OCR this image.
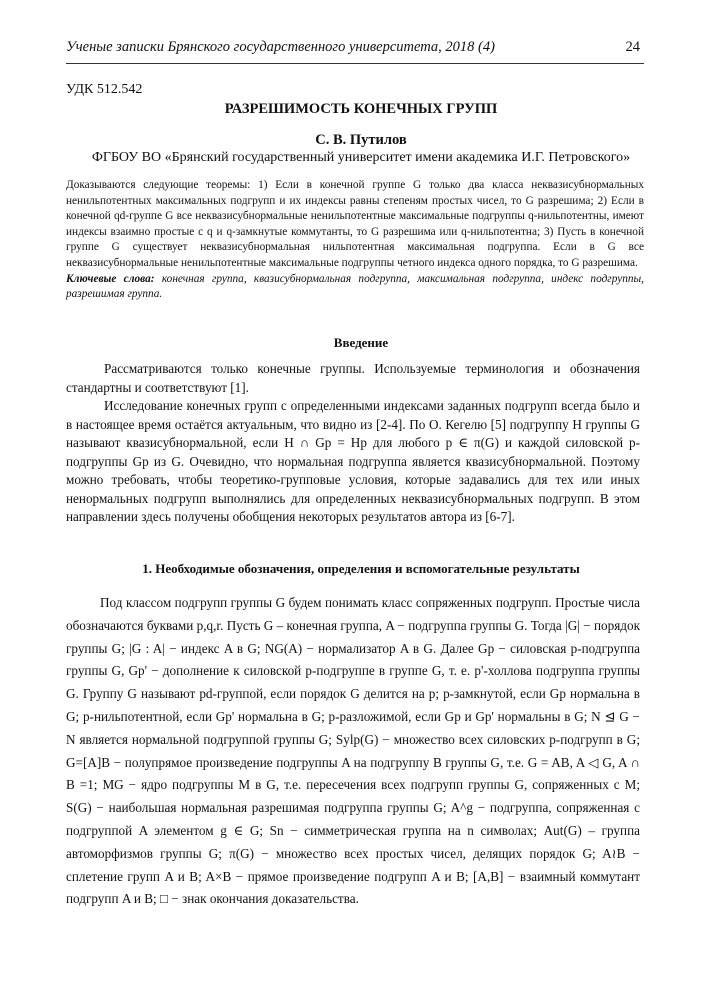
Ученые записки Брянского государственного университета, 2018 (4)	24
УДК 512.542
РАЗРЕШИМОСТЬ КОНЕЧНЫХ ГРУПП
С. В. Путилов
ФГБОУ ВО «Брянский государственный университет имени академика И.Г. Петровского»

Доказываются следующие теоремы: 1) Если в конечной группе G только два класса неквазисубнормальных ненильпотентных максимальных подгрупп и их индексы равны степеням простых чисел, то G разрешима; 2) Если в конечной qd-группе G все неквазисубнормальные ненильпотентные максимальные подгруппы q-нильпотентны, имеют индексы взаимно простые с q и q-замкнутые коммутанты, то G разрешима или q-нильпотентна; 3) Пусть в конечной группе G существует неквазисубнормальная нильпотентная максимальная подгруппа. Если в G все неквазисубнормальные ненильпотентные максимальные подгруппы четного индекса одного порядка, то G разрешима.

Ключевые слова: конечная группа, квазисубнормальная подгруппа, максимальная подгруппа, индекс подгруппы, разрешимая группа.

Введение

Рассматриваются только конечные группы. Используемые терминология и обозначения стандартны и соответствуют [1].

Исследование конечных групп с определенными индексами заданных подгрупп всегда было и в настоящее время остаётся актуальным, что видно из [2-4]. По О. Кегелю [5] подгруппу H группы G называют квазисубнормальной, если H ∩ Gp = Hp для любого p ∈ π(G) и каждой силовской p-подгруппы Gp из G. Очевидно, что нормальная подгруппа является квазисубнормальной. Поэтому можно требовать, чтобы теоретико-групповые условия, которые задавались для тех или иных ненормальных подгрупп выполнялись для определенных неквазисубнормальных подгрупп. В этом направлении здесь получены обобщения некоторых результатов автора из [6-7].

1. Необходимые обозначения, определения и вспомогательные результаты

Под классом подгрупп группы G будем понимать класс сопряженных подгрупп. Простые числа обозначаются буквами p,q,r. Пусть G – конечная группа, A − подгруппа группы G. Тогда |G| − порядок группы G; |G : A| − индекс A в G; NG(A) − нормализатор A в G. Далее Gp − силовская p-подгруппа группы G, Gp' − дополнение к силовской p-подгруппе в группе G, т. е. p'-холлова подгруппа группы G. Группу G называют pd-группой, если порядок G делится на p; p-замкнутой, если Gp нормальна в G; p-нильпотентной, если Gp' нормальна в G; p-разложимой, если Gp и Gp' нормальны в G; N ⊴ G − N является нормальной подгруппой группы G; Sylp(G) − множество всех силовских p-подгрупп в G; G=[A]B − полупрямое произведение подгруппы A на подгруппу B группы G, т.е. G = AB, A ◁ G, A ∩ B =1; MG − ядро подгруппы M в G, т.е. пересечения всех подгрупп группы G, сопряженных с M; S(G) − наибольшая нормальная разрешимая подгруппа группы G; A^g − подгруппа, сопряженная с подгруппой A элементом g ∈ G; Sn − симметрическая группа на n символах; Aut(G) – группа автоморфизмов группы G; π(G) − множество всех простых чисел, делящих порядок G; A≀B − сплетение групп A и B; A×B − прямое произведение подгрупп A и B; [A,B] − взаимный коммутант подгрупп A и B; □ − знак окончания доказательства.
